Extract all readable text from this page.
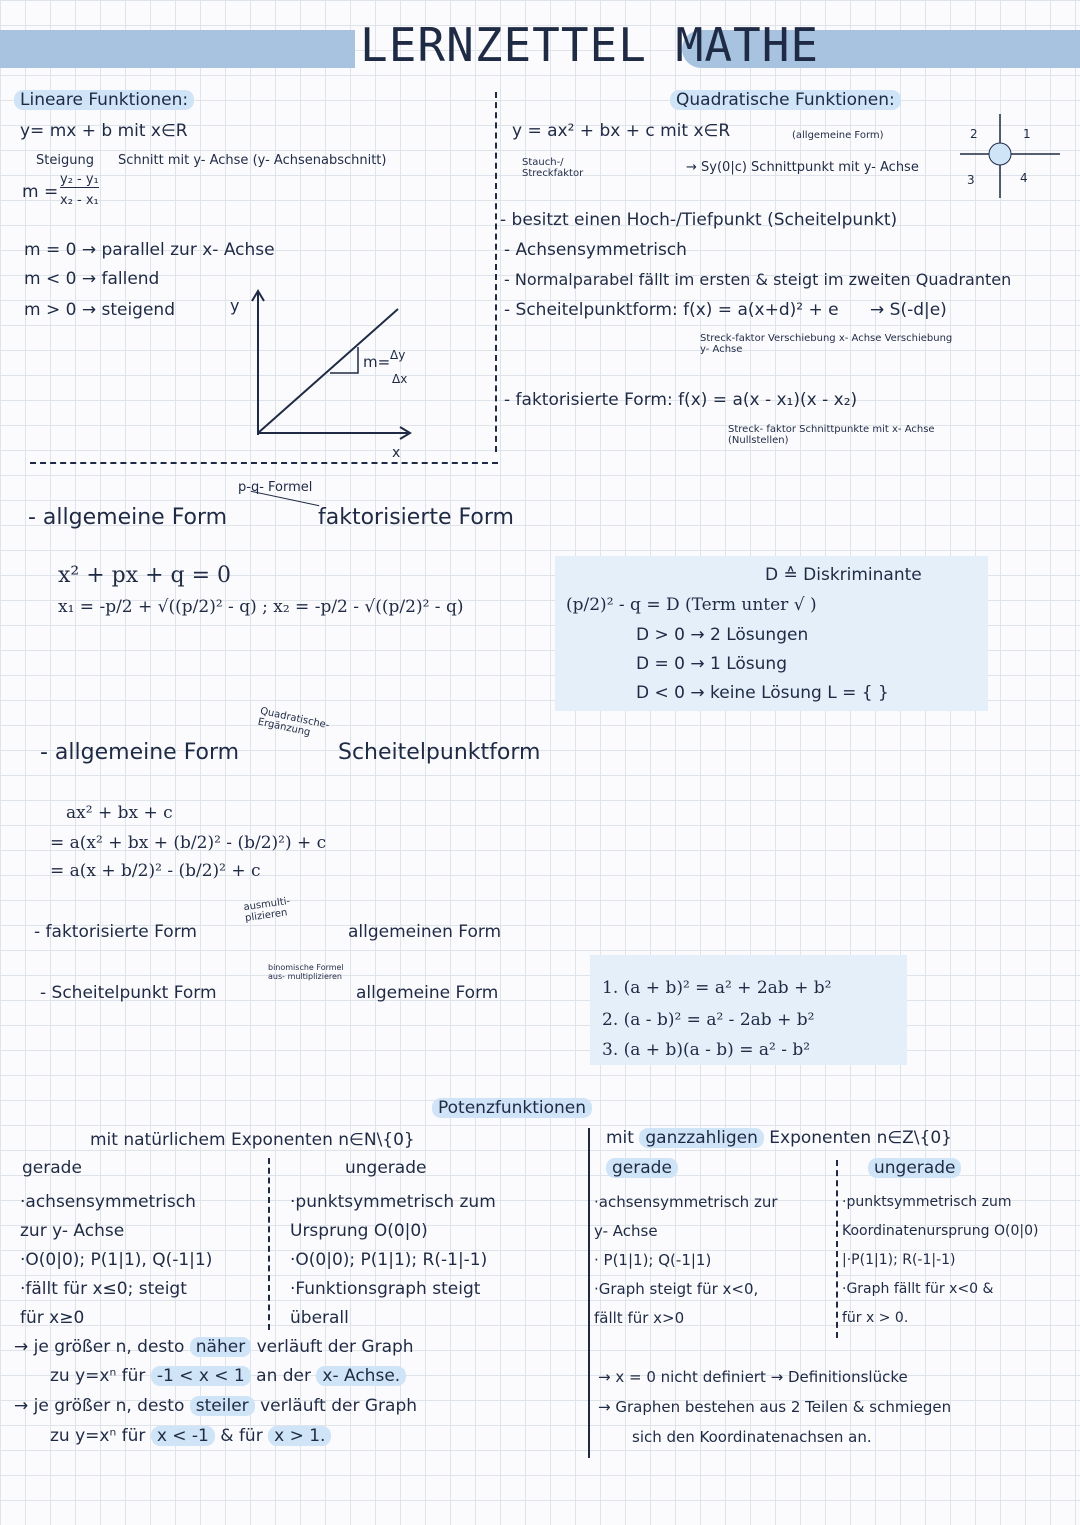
LERNZETTEL MATHE
Lineare Funktionen:
y= mx + b mit x∈R
Steigung Schnitt mit y- Achse (y- Achsenabschnitt)
m =
y₂ - y₁
x₂ - x₁
m = 0 → parallel zur x- Achse
m < 0 → fallend
m > 0 → steigend	y
x
m= Δy
Δx
Quadratische Funktionen:
y = ax² + bx + c mit x∈R	(allgemeine Form)
Stauch-/ Streckfaktor	→ Sy(0|c) Schnittpunkt mit y- Achse
2	1
3	4
- besitzt einen Hoch-/Tiefpunkt (Scheitelpunkt)
- Achsensymmetrisch
- Normalparabel fällt im ersten & steigt im zweiten Quadranten
- Scheitelpunktform: f(x) = a(x+d)² + e → S(-d|e)
Streck-faktor Verschiebung x- Achse Verschiebung y- Achse
- faktorisierte Form: f(x) = a(x - x₁)(x - x₂)
Streck- faktor Schnittpunkte mit x- Achse (Nullstellen)
- allgemeine Form
p-q- Formel
faktorisierte Form
x² + px + q = 0
x₁ = -p/2 + √((p/2)² - q) ; x₂ = -p/2 - √((p/2)² - q)
D ≙ Diskriminante
(p/2)² - q = D (Term unter √ )
D > 0 → 2 Lösungen
D = 0 → 1 Lösung
D < 0 → keine Lösung L = { }
- allgemeine Form
Quadratische- Ergänzung
Scheitelpunktform
ax² + bx + c
= a(x² + bx + (b/2)² - (b/2)²) + c
= a(x + b/2)² - (b/2)² + c
- faktorisierte Form
ausmulti- plizieren
allgemeinen Form
- Scheitelpunkt Form
binomische Formel aus- multiplizieren
allgemeine Form	1. (a + b)² = a² + 2ab + b²
2. (a - b)² = a² - 2ab + b²
3. (a + b)(a - b) = a² - b²
Potenzfunktionen
mit natürlichem Exponenten n∈N\{0}
gerade	ungerade
·achsensymmetrisch
zur y- Achse
·O(0|0); P(1|1), Q(-1|1)
·fällt für x≤0; steigt
für x≥0
·punktsymmetrisch zum
Ursprung O(0|0)
·O(0|0); P(1|1); R(-1|-1)
·Funktionsgraph steigt
überall
→ je größer n, desto näher verläuft der Graph
zu y=xⁿ für -1 < x < 1 an der x- Achse.
→ je größer n, desto steiler verläuft der Graph
zu y=xⁿ für x < -1 & für x > 1.
mit ganzzahligen Exponenten n∈Z\{0}
gerade	ungerade
·achsensymmetrisch zur
y- Achse
· P(1|1); Q(-1|1)
·Graph steigt für x<0,
fällt für x>0
·punktsymmetrisch zum
Koordinatenursprung O(0|0)
|·P(1|1); R(-1|-1)
·Graph fällt für x<0 &
für x > 0.
→ x = 0 nicht definiert → Definitionslücke
→ Graphen bestehen aus 2 Teilen & schmiegen
sich den Koordinatenachsen an.
